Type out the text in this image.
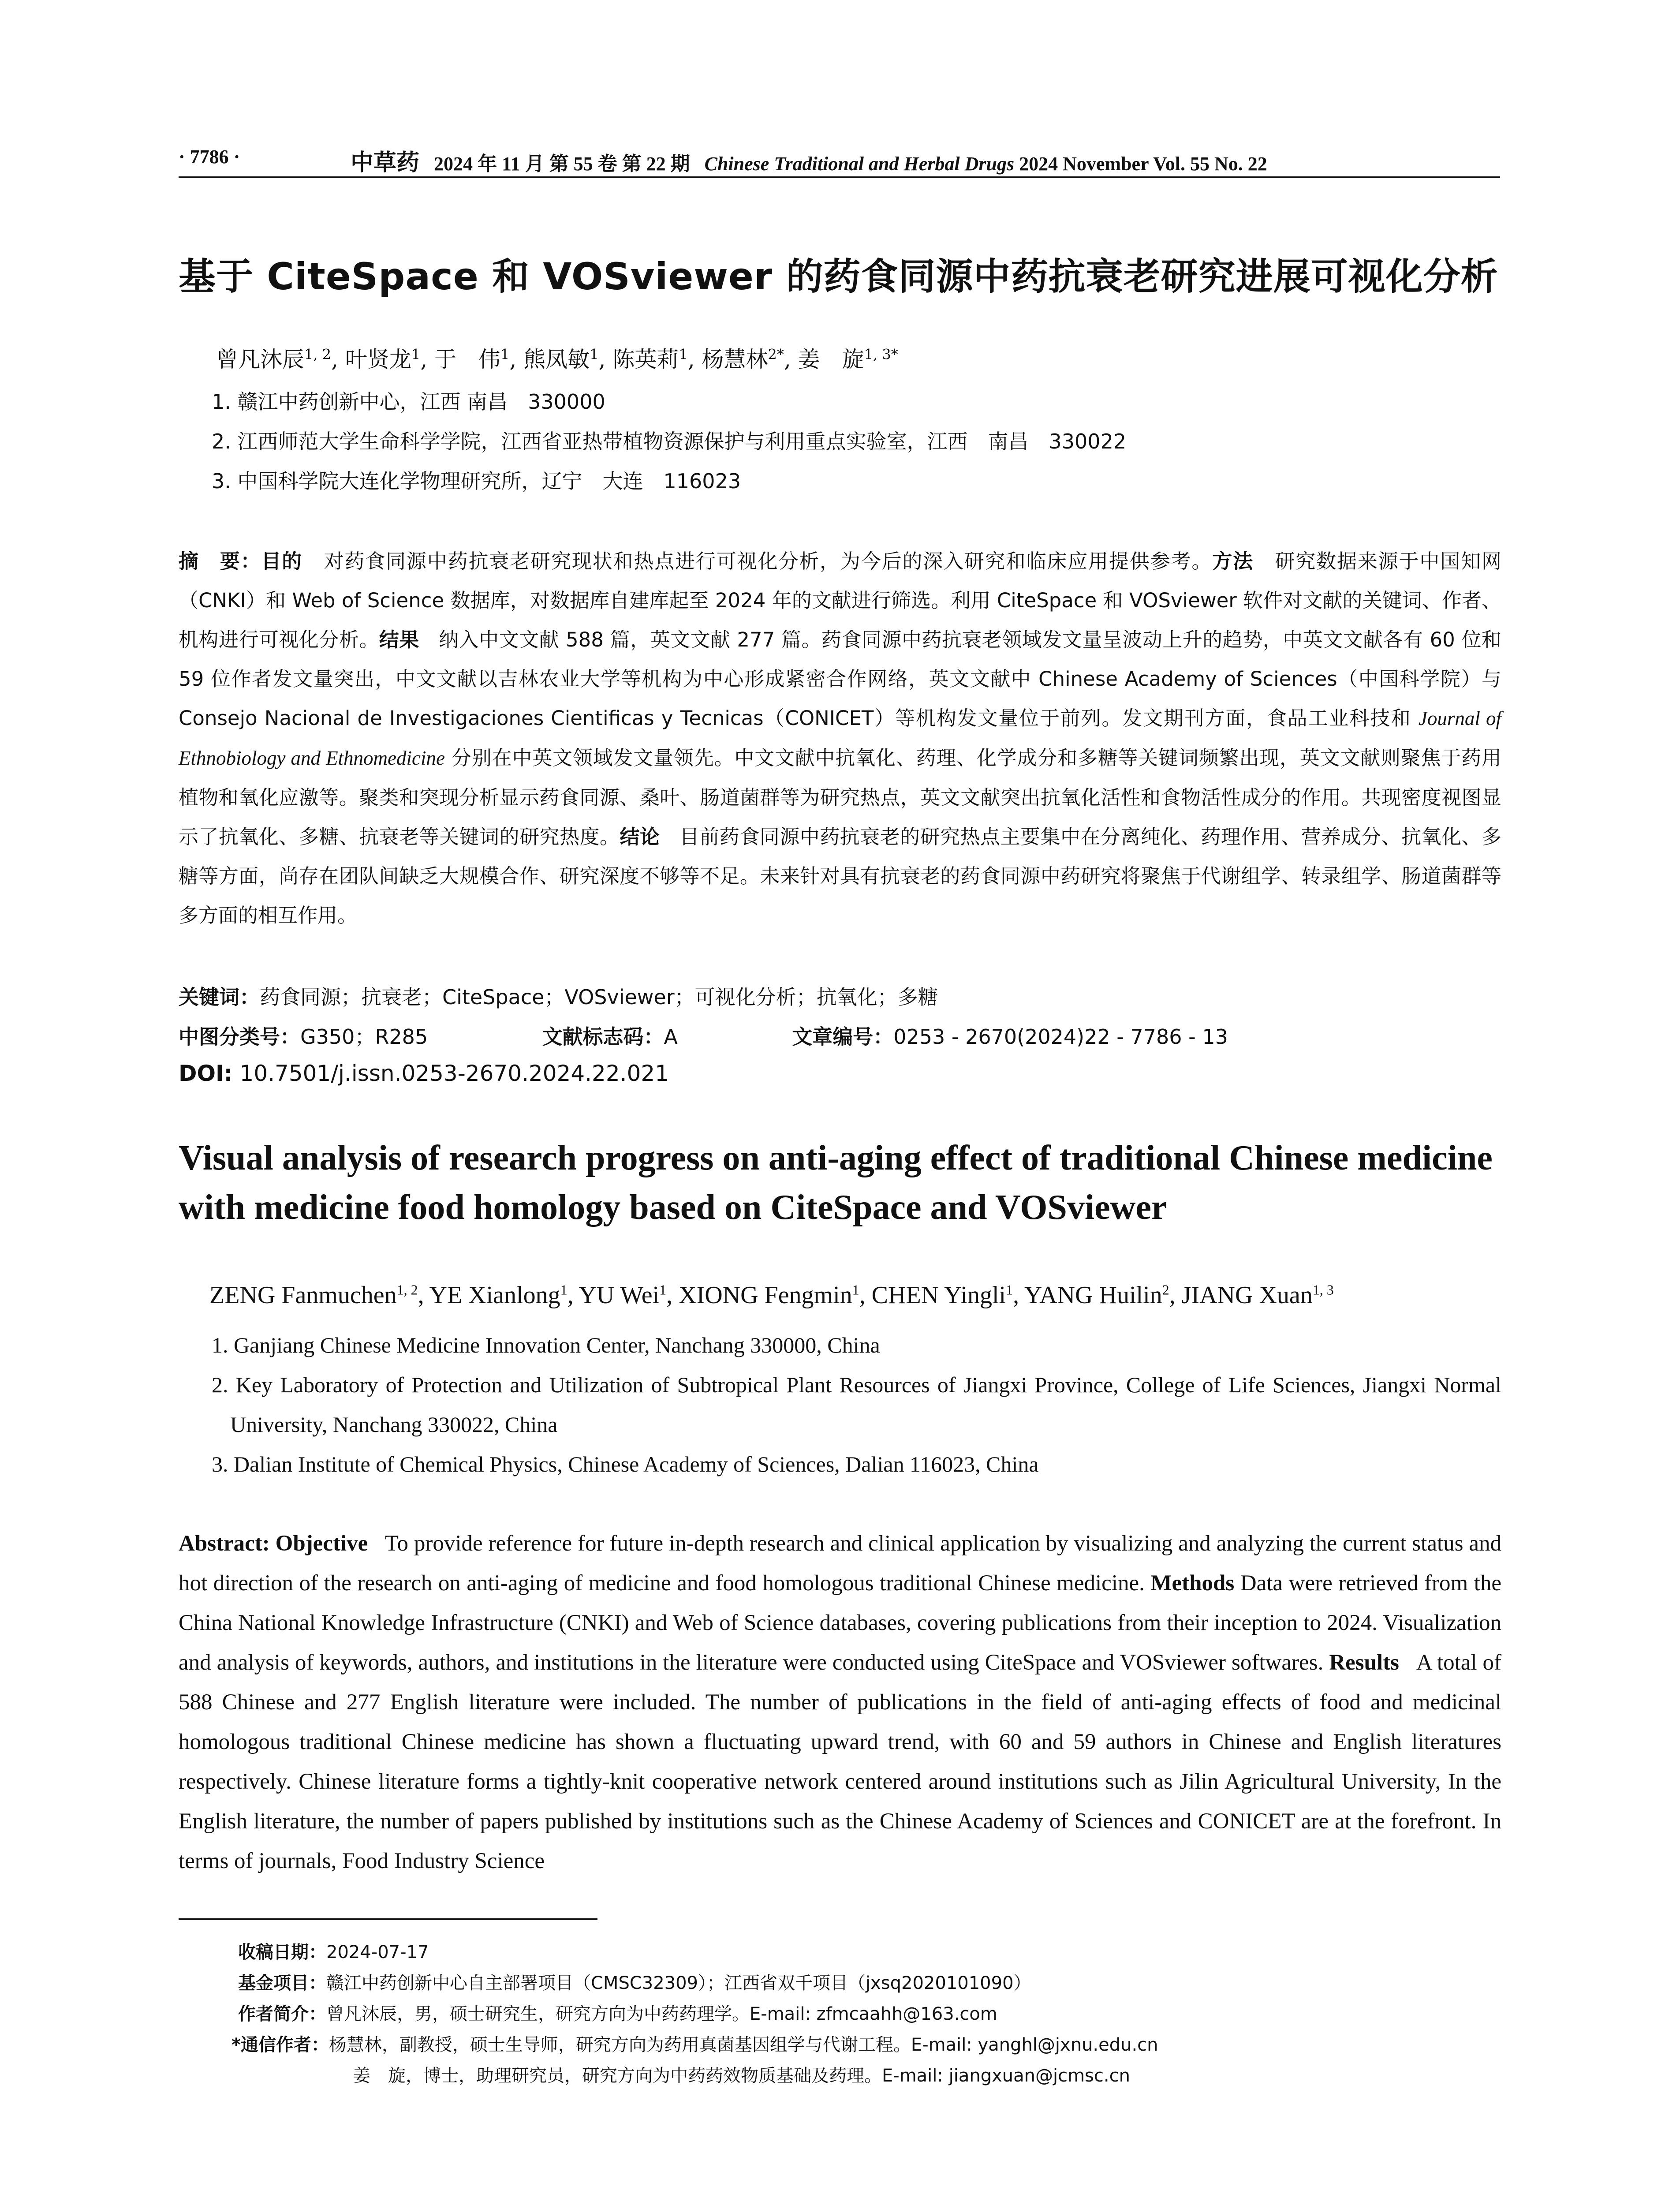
· 7786 ·	中草药 2024 年 11 月 第 55 卷 第 22 期 Chinese Traditional and Herbal Drugs 2024 November Vol. 55 No. 22
基于 CiteSpace 和 VOSviewer 的药食同源中药抗衰老研究进展可视化分析
曾凡沐辰$^{1, 2}$, 叶贤龙$^1$, 于　伟$^1$, 熊凤敏$^1$, 陈英莉$^1$, 杨慧林$^{2*}$, 姜　旋$^{1, 3*}$
1. 赣江中药创新中心，江西 南昌　330000
2. 江西师范大学生命科学学院，江西省亚热带植物资源保护与利用重点实验室，江西　南昌　330022
3. 中国科学院大连化学物理研究所，辽宁　大连　116023
摘　要：目的 对药食同源中药抗衰老研究现状和热点进行可视化分析，为今后的深入研究和临床应用提供参考。方法 研究数据来源于中国知网（CNKI）和 Web of Science 数据库，对数据库自建库起至 2024 年的文献进行筛选。利用 CiteSpace 和 VOSviewer 软件对文献的关键词、作者、机构进行可视化分析。结果 纳入中文文献 588 篇，英文文献 277 篇。药食同源中药抗衰老领域发文量呈波动上升的趋势，中英文文献各有 60 位和 59 位作者发文量突出，中文文献以吉林农业大学等机构为中心形成紧密合作网络，英文文献中 Chinese Academy of Sciences（中国科学院）与 Consejo Nacional de Investigaciones Cientificas y Tecnicas（CONICET）等机构发文量位于前列。发文期刊方面，食品工业科技和 Journal of Ethnobiology and Ethnomedicine 分别在中英文领域发文量领先。中文文献中抗氧化、药理、化学成分和多糖等关键词频繁出现，英文文献则聚焦于药用植物和氧化应激等。聚类和突现分析显示药食同源、桑叶、肠道菌群等为研究热点，英文文献突出抗氧化活性和食物活性成分的作用。共现密度视图显示了抗氧化、多糖、抗衰老等关键词的研究热度。结论 目前药食同源中药抗衰老的研究热点主要集中在分离纯化、药理作用、营养成分、抗氧化、多糖等方面，尚存在团队间缺乏大规模合作、研究深度不够等不足。未来针对具有抗衰老的药食同源中药研究将聚焦于代谢组学、转录组学、肠道菌群等多方面的相互作用。
关键词：药食同源；抗衰老；CiteSpace；VOSviewer；可视化分析；抗氧化；多糖
中图分类号：G350；R285	文献标志码：A	文章编号：0253 - 2670(2024)22 - 7786 - 13
DOI: 10.7501/j.issn.0253-2670.2024.22.021
Visual analysis of research progress on anti-aging effect of traditional Chinese medicine with medicine food homology based on CiteSpace and VOSviewer
ZENG Fanmuchen$^{1, 2}$, YE Xianlong$^1$, YU Wei$^1$, XIONG Fengmin$^1$, CHEN Yingli$^1$, YANG Huilin$^2$, JIANG Xuan$^{1, 3}$
1. Ganjiang Chinese Medicine Innovation Center, Nanchang 330000, China
2. Key Laboratory of Protection and Utilization of Subtropical Plant Resources of Jiangxi Province, College of Life Sciences, Jiangxi Normal University, Nanchang 330022, China
3. Dalian Institute of Chemical Physics, Chinese Academy of Sciences, Dalian 116023, China
Abstract: Objective To provide reference for future in-depth research and clinical application by visualizing and analyzing the current status and hot direction of the research on anti-aging of medicine and food homologous traditional Chinese medicine. Methods Data were retrieved from the China National Knowledge Infrastructure (CNKI) and Web of Science databases, covering publications from their inception to 2024. Visualization and analysis of keywords, authors, and institutions in the literature were conducted using CiteSpace and VOSviewer softwares. Results A total of 588 Chinese and 277 English literature were included. The number of publications in the field of anti-aging effects of food and medicinal homologous traditional Chinese medicine has shown a fluctuating upward trend, with 60 and 59 authors in Chinese and English literatures respectively. Chinese literature forms a tightly-knit cooperative network centered around institutions such as Jilin Agricultural University, In the English literature, the number of papers published by institutions such as the Chinese Academy of Sciences and CONICET are at the forefront. In terms of journals, Food Industry Science
收稿日期：2024-07-17
基金项目：赣江中药创新中心自主部署项目（CMSC32309）；江西省双千项目（jxsq2020101090）
作者简介：曾凡沐辰，男，硕士研究生，研究方向为中药药理学。E-mail: zfmcaahh@163.com
*通信作者：杨慧林，副教授，硕士生导师，研究方向为药用真菌基因组学与代谢工程。E-mail: yanghl@jxnu.edu.cn
姜　旋，博士，助理研究员，研究方向为中药药效物质基础及药理。E-mail: jiangxuan@jcmsc.cn
